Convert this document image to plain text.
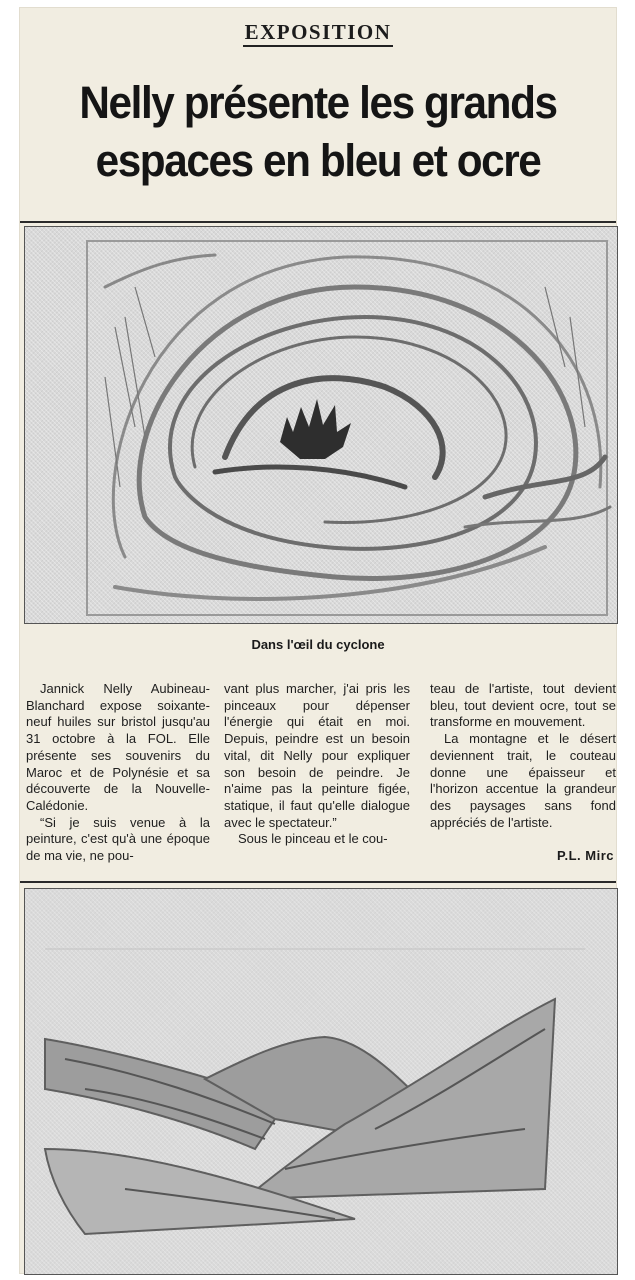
EXPOSITION
Nelly présente les grands
espaces en bleu et ocre
Dans l'œil du cyclone

Jannick Nelly Aubineau-Blanchard expose soixante-neuf huiles sur bristol jusqu'au 31 octobre à la FOL. Elle présente ses souvenirs du Maroc et de Polynésie et sa découverte de la Nouvelle-Calédonie.

“Si je suis venue à la peinture, c'est qu'à une époque de ma vie, ne pou-

vant plus marcher, j'ai pris les pinceaux pour dépenser l'énergie qui était en moi. Depuis, peindre est un besoin vital, dit Nelly pour expliquer son besoin de peindre. Je n'aime pas la peinture figée, statique, il faut qu'elle dialogue avec le spectateur.”

Sous le pinceau et le cou-

teau de l'artiste, tout devient bleu, tout devient ocre, tout se transforme en mouvement.

La montagne et le désert deviennent trait, le couteau donne une épaisseur et l'horizon accentue la grandeur des paysages sans fond appréciés de l'artiste.

P.L. Mirc
